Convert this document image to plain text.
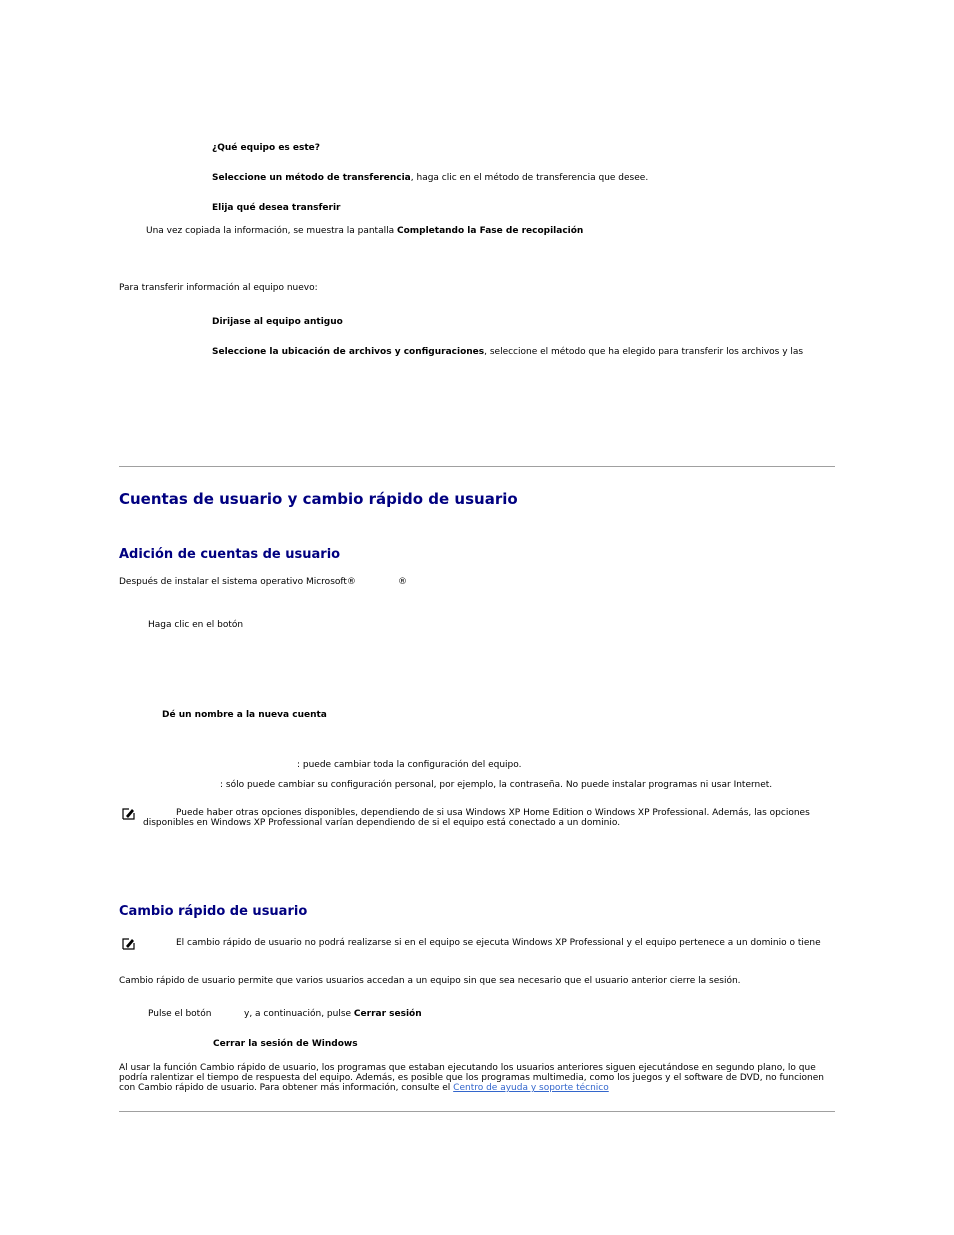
¿Qué equipo es este?
Seleccione un método de transferencia, haga clic en el método de transferencia que desee.
Elija qué desea transferir
Una vez copiada la información, se muestra la pantalla Completando la Fase de recopilación
Para transferir información al equipo nuevo:
Dirijase al equipo antiguo
Seleccione la ubicación de archivos y configuraciones, seleccione el método que ha elegido para transferir los archivos y las
Cuentas de usuario y cambio rápido de usuario
Adición de cuentas de usuario
Después de instalar el sistema operativo Microsoft®	®
Haga clic en el botón
Dé un nombre a la nueva cuenta
: puede cambiar toda la configuración del equipo.
: sólo puede cambiar su configuración personal, por ejemplo, la contraseña. No puede instalar programas ni usar Internet.
Puede haber otras opciones disponibles, dependiendo de si usa Windows XP Home Edition o Windows XP Professional. Además, las opciones disponibles en Windows XP Professional varían dependiendo de si el equipo está conectado a un dominio.
Cambio rápido de usuario
El cambio rápido de usuario no podrá realizarse si en el equipo se ejecuta Windows XP Professional y el equipo pertenece a un dominio o tiene
Cambio rápido de usuario permite que varios usuarios accedan a un equipo sin que sea necesario que el usuario anterior cierre la sesión.
Pulse el botón	y, a continuación, pulse Cerrar sesión
Cerrar la sesión de Windows
Al usar la función Cambio rápido de usuario, los programas que estaban ejecutando los usuarios anteriores siguen ejecutándose en segundo plano, lo que podría ralentizar el tiempo de respuesta del equipo. Además, es posible que los programas multimedia, como los juegos y el software de DVD, no funcionen con Cambio rápido de usuario. Para obtener más información, consulte el Centro de ayuda y soporte técnico
